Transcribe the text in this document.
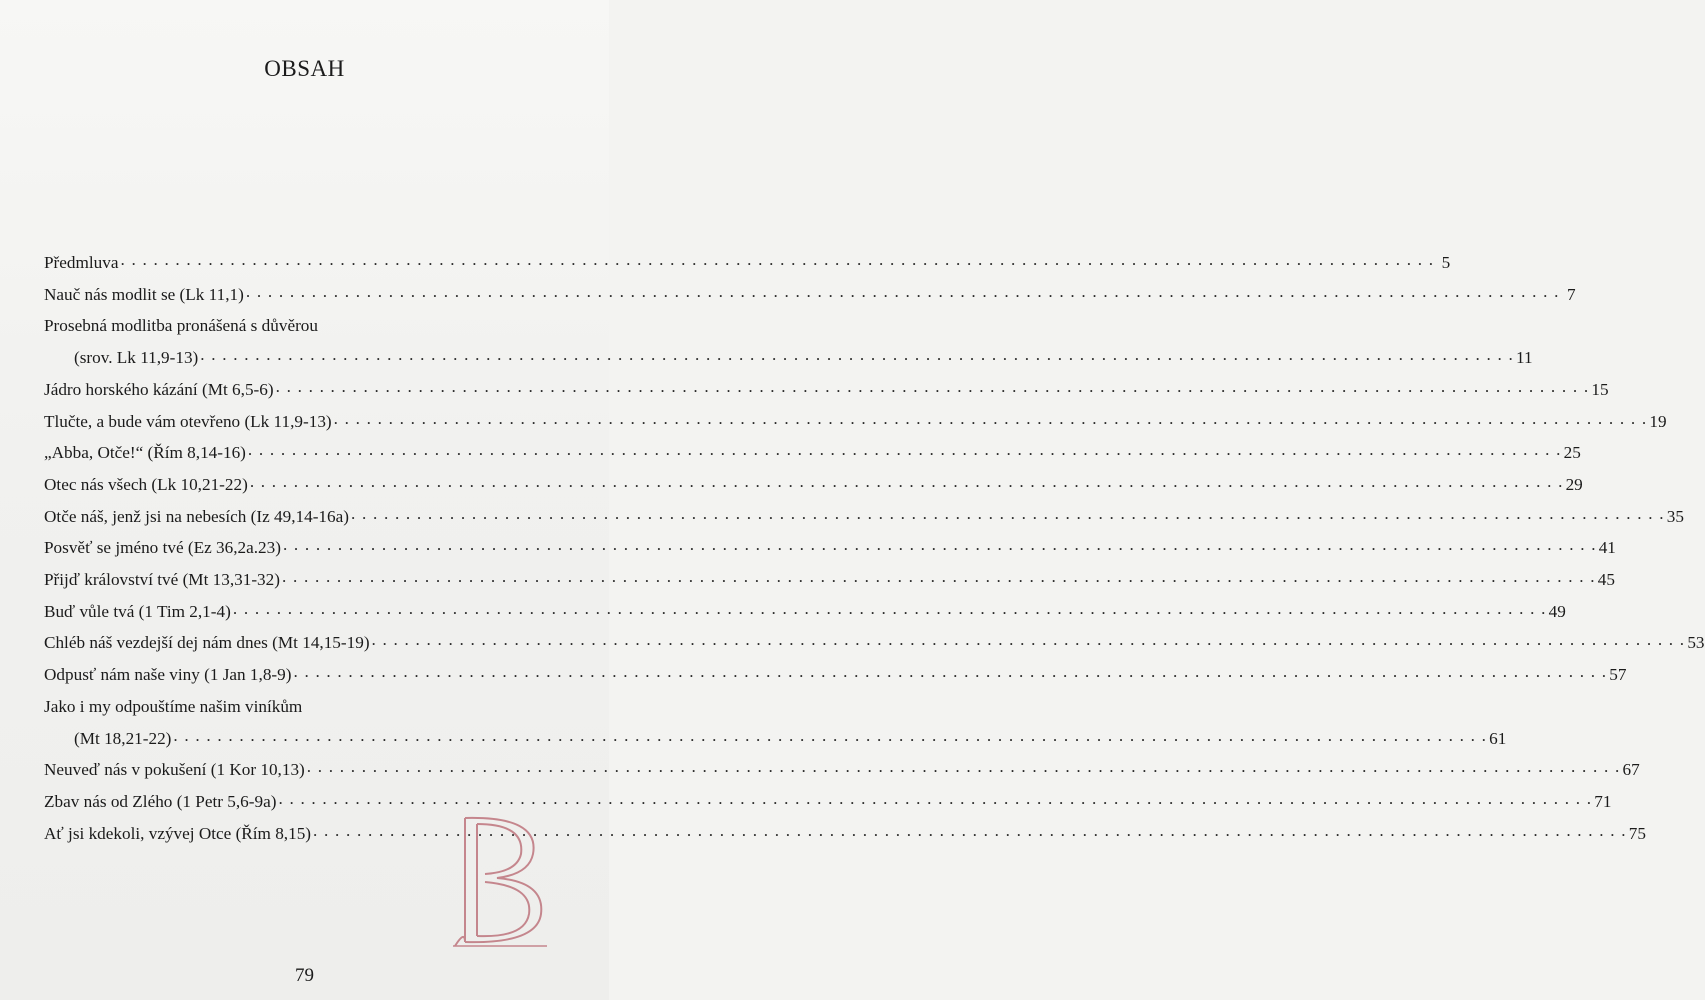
OBSAH
Předmluva . . . . . . . . . . . . . . . . . . . . . . . . . . . . . . . . . . . . . . . . . . . . . . . . . . . . . . . . . . . . . . . . . . . . . . . . . . . . . . . . . . . . . . . . . . . . . . . . . . . . . . . . . . . . . . . . . . . . . . . . 5
Nauč nás modlit se (Lk 11,1) . . . . . . . . . . . . . . . . . . . . . . . . . . . . . . . . . . . . . . . . . . . . . . . . . . . . . . . . . . . . . . . . . . . . . . . . . . . . . . . . . . . . . . . . . . . . . . . . . . . . . . . . . . . . . . . . . . . . . . . . 7
Prosebná modlitba pronášená s důvěrou
(srov. Lk 11,9-13) . . . . . . . . . . . . . . . . . . . . . . . . . . . . . . . . . . . . . . . . . . . . . . . . . . . . . . . . . . . . . . . . . . . . . . . . . . . . . . . . . . . . . . . . . . . . . . . . . . . . . . . . . . . . . . . . . . . . . . . . 11
Jádro horského kázání (Mt 6,5-6) . . . . . . . . . . . . . . . . . . . . . . . . . . . . . . . . . . . . . . . . . . . . . . . . . . . . . . . . . . . . . . . . . . . . . . . . . . . . . . . . . . . . . . . . . . . . . . . . . . . . . . . . . . . . . . . . . . . . . . . . 15
Tlučte, a bude vám otevřeno (Lk 11,9-13) . . . . . . . . . . . . . . . . . . . . . . . . . . . . . . . . . . . . . . . . . . . . . . . . . . . . . . . . . . . . . . . . . . . . . . . . . . . . . . . . . . . . . . . . . . . . . . . . . . . . . . . . . . . . . . . . . . . . . . . . 19
„Abba, Otče!“ (Řím 8,14-16) . . . . . . . . . . . . . . . . . . . . . . . . . . . . . . . . . . . . . . . . . . . . . . . . . . . . . . . . . . . . . . . . . . . . . . . . . . . . . . . . . . . . . . . . . . . . . . . . . . . . . . . . . . . . . . . . . . . . . . . . 25
Otec nás všech (Lk 10,21-22) . . . . . . . . . . . . . . . . . . . . . . . . . . . . . . . . . . . . . . . . . . . . . . . . . . . . . . . . . . . . . . . . . . . . . . . . . . . . . . . . . . . . . . . . . . . . . . . . . . . . . . . . . . . . . . . . . . . . . . . . 29
Otče náš, jenž jsi na nebesích (Iz 49,14-16a) . . . . . . . . . . . . . . . . . . . . . . . . . . . . . . . . . . . . . . . . . . . . . . . . . . . . . . . . . . . . . . . . . . . . . . . . . . . . . . . . . . . . . . . . . . . . . . . . . . . . . . . . . . . . . . . . . . . . . . . . 35
Posvěť se jméno tvé (Ez 36,2a.23) . . . . . . . . . . . . . . . . . . . . . . . . . . . . . . . . . . . . . . . . . . . . . . . . . . . . . . . . . . . . . . . . . . . . . . . . . . . . . . . . . . . . . . . . . . . . . . . . . . . . . . . . . . . . . . . . . . . . . . . . 41
Přijď království tvé (Mt 13,31-32) . . . . . . . . . . . . . . . . . . . . . . . . . . . . . . . . . . . . . . . . . . . . . . . . . . . . . . . . . . . . . . . . . . . . . . . . . . . . . . . . . . . . . . . . . . . . . . . . . . . . . . . . . . . . . . . . . . . . . . . . 45
Buď vůle tvá (1 Tim 2,1-4) . . . . . . . . . . . . . . . . . . . . . . . . . . . . . . . . . . . . . . . . . . . . . . . . . . . . . . . . . . . . . . . . . . . . . . . . . . . . . . . . . . . . . . . . . . . . . . . . . . . . . . . . . . . . . . . . . . . . . . . . 49
Chléb náš vezdejší dej nám dnes (Mt 14,15-19) . . . . . . . . . . . . . . . . . . . . . . . . . . . . . . . . . . . . . . . . . . . . . . . . . . . . . . . . . . . . . . . . . . . . . . . . . . . . . . . . . . . . . . . . . . . . . . . . . . . . . . . . . . . . . . . . . . . . . . . . 53
Odpusť nám naše viny (1 Jan 1,8-9) . . . . . . . . . . . . . . . . . . . . . . . . . . . . . . . . . . . . . . . . . . . . . . . . . . . . . . . . . . . . . . . . . . . . . . . . . . . . . . . . . . . . . . . . . . . . . . . . . . . . . . . . . . . . . . . . . . . . . . . . 57
Jako i my odpouštíme našim viníkům
(Mt 18,21-22) . . . . . . . . . . . . . . . . . . . . . . . . . . . . . . . . . . . . . . . . . . . . . . . . . . . . . . . . . . . . . . . . . . . . . . . . . . . . . . . . . . . . . . . . . . . . . . . . . . . . . . . . . . . . . . . . . . . . . . . . 61
Neuveď nás v pokušení (1 Kor 10,13) . . . . . . . . . . . . . . . . . . . . . . . . . . . . . . . . . . . . . . . . . . . . . . . . . . . . . . . . . . . . . . . . . . . . . . . . . . . . . . . . . . . . . . . . . . . . . . . . . . . . . . . . . . . . . . . . . . . . . . . . 67
Zbav nás od Zlého (1 Petr 5,6-9a) . . . . . . . . . . . . . . . . . . . . . . . . . . . . . . . . . . . . . . . . . . . . . . . . . . . . . . . . . . . . . . . . . . . . . . . . . . . . . . . . . . . . . . . . . . . . . . . . . . . . . . . . . . . . . . . . . . . . . . . . 71
Ať jsi kdekoli, vzývej Otce (Řím 8,15) . . . . . . . . . . . . . . . . . . . . . . . . . . . . . . . . . . . . . . . . . . . . . . . . . . . . . . . . . . . . . . . . . . . . . . . . . . . . . . . . . . . . . . . . . . . . . . . . . . . . . . . . . . . . . . . . . . . . . . . . 75
79
